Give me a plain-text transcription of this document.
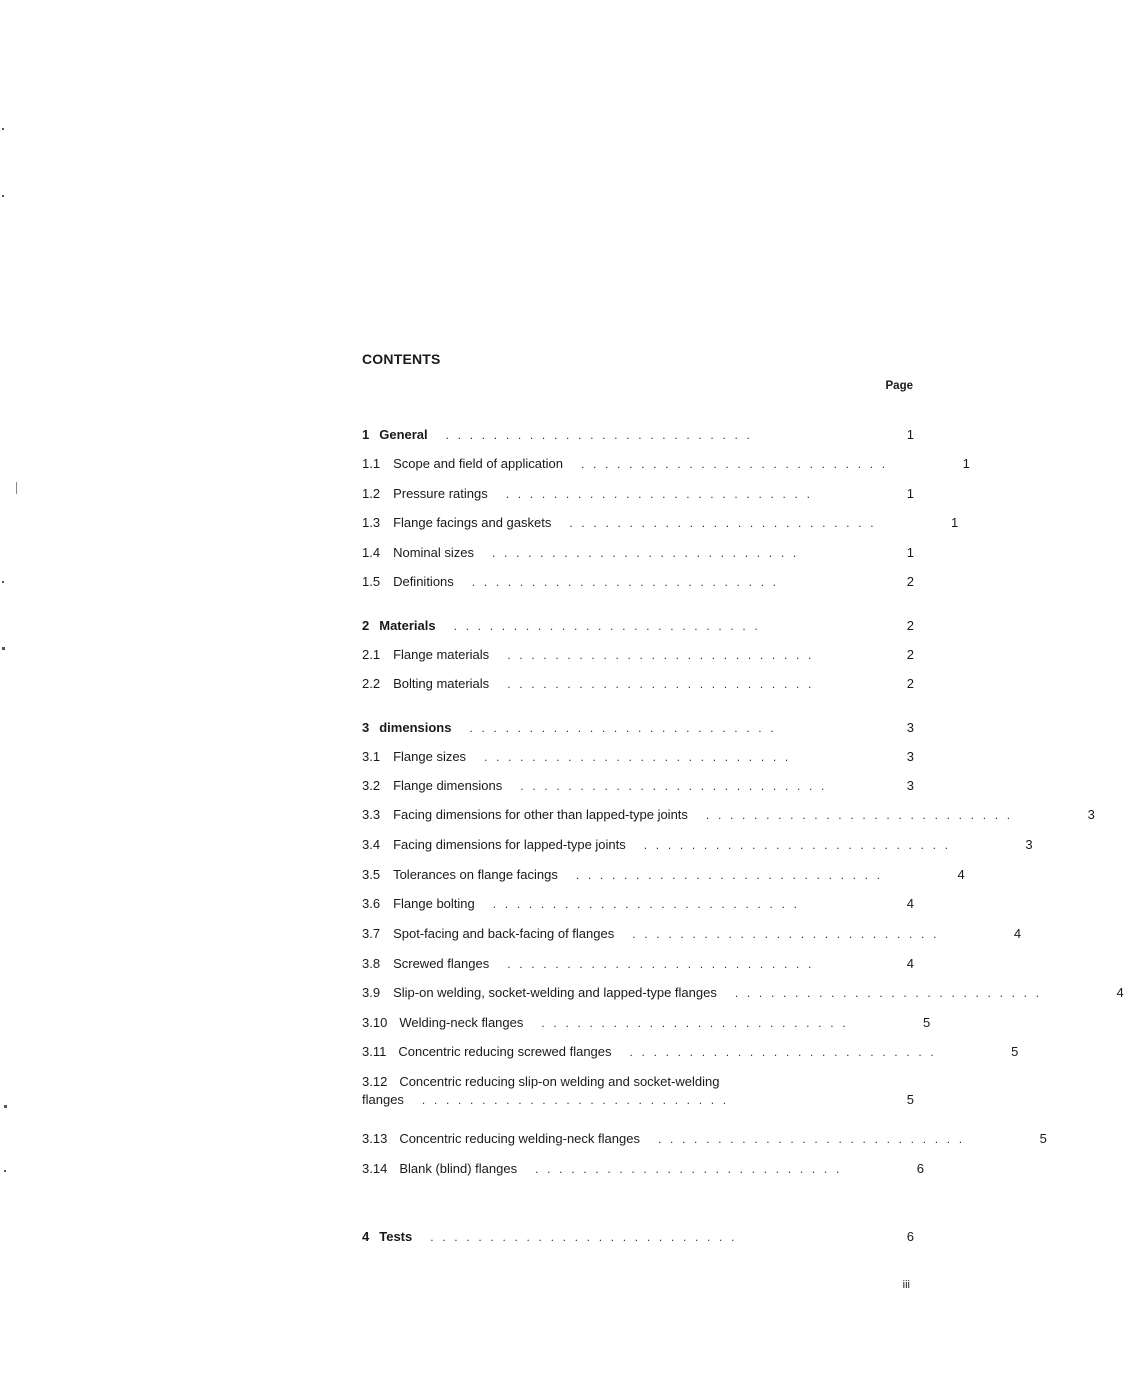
CONTENTS
Page
1 General ..........................	1
1.1 Scope and field of application ..........................	1
1.2 Pressure ratings ..........................	1
1.3 Flange facings and gaskets ..........................	1
1.4 Nominal sizes ..........................	1
1.5 Definitions ..........................	2
2 Materials ..........................	2
2.1 Flange materials ..........................	2
2.2 Bolting materials ..........................	2
3 dimensions ..........................	3
3.1 Flange sizes ..........................	3
3.2 Flange dimensions ..........................	3
3.3 Facing dimensions for other than lapped-type joints ..........................	3
3.4 Facing dimensions for lapped-type joints ..........................	3
3.5 Tolerances on flange facings ..........................	4
3.6 Flange bolting ..........................	4
3.7 Spot-facing and back-facing of flanges ..........................	4
3.8 Screwed flanges ..........................	4
3.9 Slip-on welding, socket-welding and lapped-type flanges ..........................	4
3.10 Welding-neck flanges ..........................	5
3.11 Concentric reducing screwed flanges ..........................	5
3.12 Concentric reducing slip-on welding and socket-welding
flanges ..........................	5
3.13 Concentric reducing welding-neck flanges ..........................	5
3.14 Blank (blind) flanges ..........................	6
4 Tests ..........................	6
iii
